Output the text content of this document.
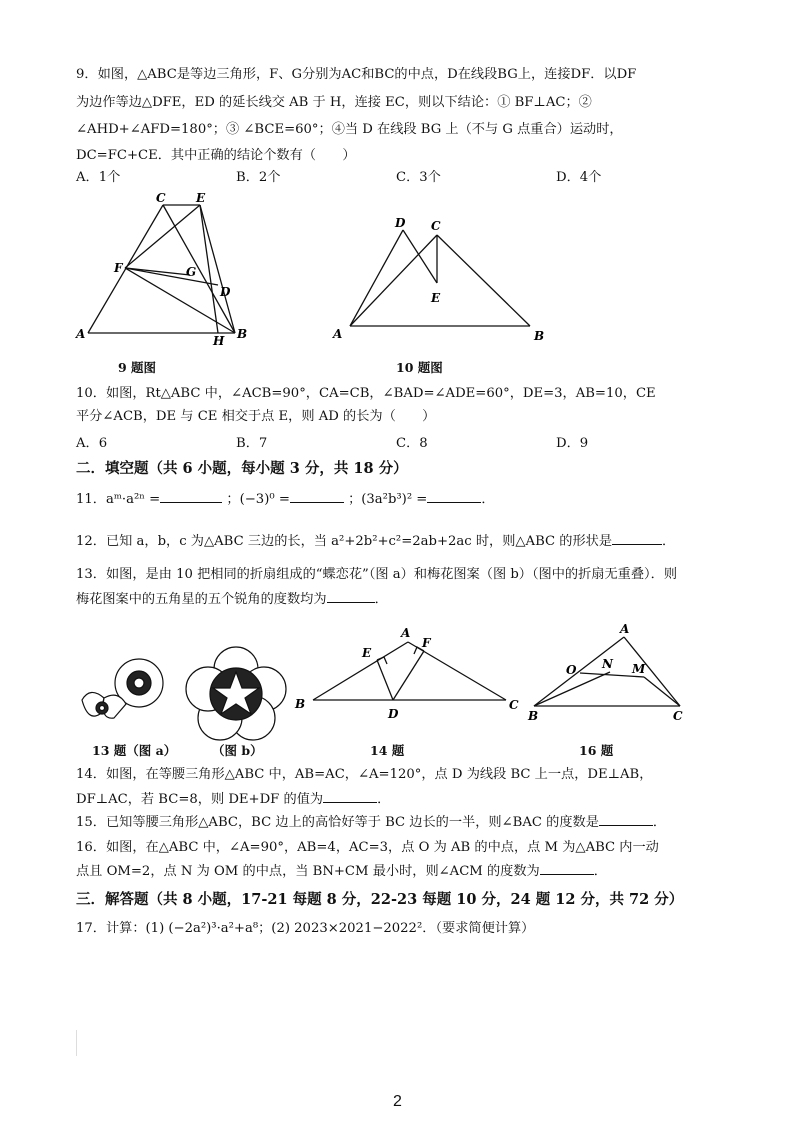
9．如图，△ABC是等边三角形，F、G分别为AC和BC的中点，D在线段BG上，连接DF．以DF
为边作等边△DFE，ED 的延长线交 AB 于 H，连接 EC，则以下结论：① BF⊥AC；②
∠AHD+∠AFD=180°；③ ∠BCE=60°；④当 D 在线段 BG 上（不与 G 点重合）运动时，
DC=FC+CE．其中正确的结论个数有（　　）
A．1个	B．2个	C．3个	D．4个
C	E
F	G
D
A	H B
9 题图
D C
E
A	B
10 题图
10．如图，Rt△ABC 中，∠ACB=90°，CA=CB，∠BAD=∠ADE=60°，DE=3，AB=10，CE
平分∠ACB，DE 与 CE 相交于点 E，则 AD 的长为（　　）
A．6	B．7	C．8	D．9
二．填空题（共 6 小题，每小题 3 分，共 18 分）
11．aᵐ·a²ⁿ =	；(−3)⁰ =	；(3a²b³)² =	．
12．已知 a，b，c 为△ABC 三边的长，当 a²+2b²+c²=2ab+2ac 时，则△ABC 的形状是	．
13．如图，是由 10 把相同的折扇组成的“蝶恋花”（图 a）和梅花图案（图 b）（图中的折扇无重叠）．则
梅花图案中的五角星的五个锐角的度数均为	．
13 题（图 a）	（图 b）
A
F
E
B
D
C
14 题
A
O N M
B	C
16 题
14．如图，在等腰三角形△ABC 中，AB=AC，∠A=120°，点 D 为线段 BC 上一点，DE⊥AB，
DF⊥AC，若 BC=8，则 DE+DF 的值为	．
15．已知等腰三角形△ABC，BC 边上的高恰好等于 BC 边长的一半，则∠BAC 的度数是	．
16．如图，在△ABC 中，∠A=90°，AB=4，AC=3，点 O 为 AB 的中点，点 M 为△ABC 内一动
点且 OM=2，点 N 为 OM 的中点，当 BN+CM 最小时，则∠ACM 的度数为	．
三．解答题（共 8 小题，17-21 每题 8 分，22-23 每题 10 分，24 题 12 分，共 72 分）
17．计算：(1) (−2a²)³·a²+a⁸；(2) 2023×2021−2022²．（要求简便计算）
2
